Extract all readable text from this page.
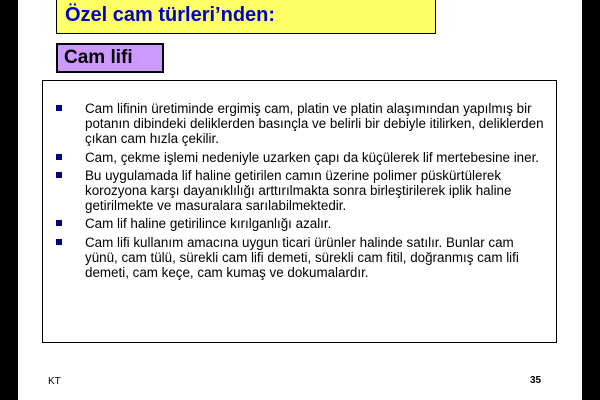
Özel cam türleri’nden:
Cam lifi
Cam lifinin üretiminde ergimiş cam, platin ve platin alaşımından yapılmış bir potanın dibindeki deliklerden basınçla ve belirli bir debiyle itilirken, deliklerden çıkan cam hızla çekilir.
Cam, çekme işlemi nedeniyle uzarken çapı da küçülerek lif mertebesine iner.
Bu uygulamada lif haline getirilen camın üzerine polimer püskürtülerek korozyona karşı dayanıklılığı arttırılmakta sonra birleştirilerek iplik haline getirilmekte ve masuralara sarılabilmektedir.
Cam lif haline getirilince kırılganlığı azalır.
Cam lifi kullanım amacına uygun ticari ürünler halinde satılır. Bunlar cam yünü, cam tülü, sürekli cam lifi demeti, sürekli cam fitil, doğranmış cam lifi demeti, cam keçe, cam kumaş ve dokumalardır.
KT	35
